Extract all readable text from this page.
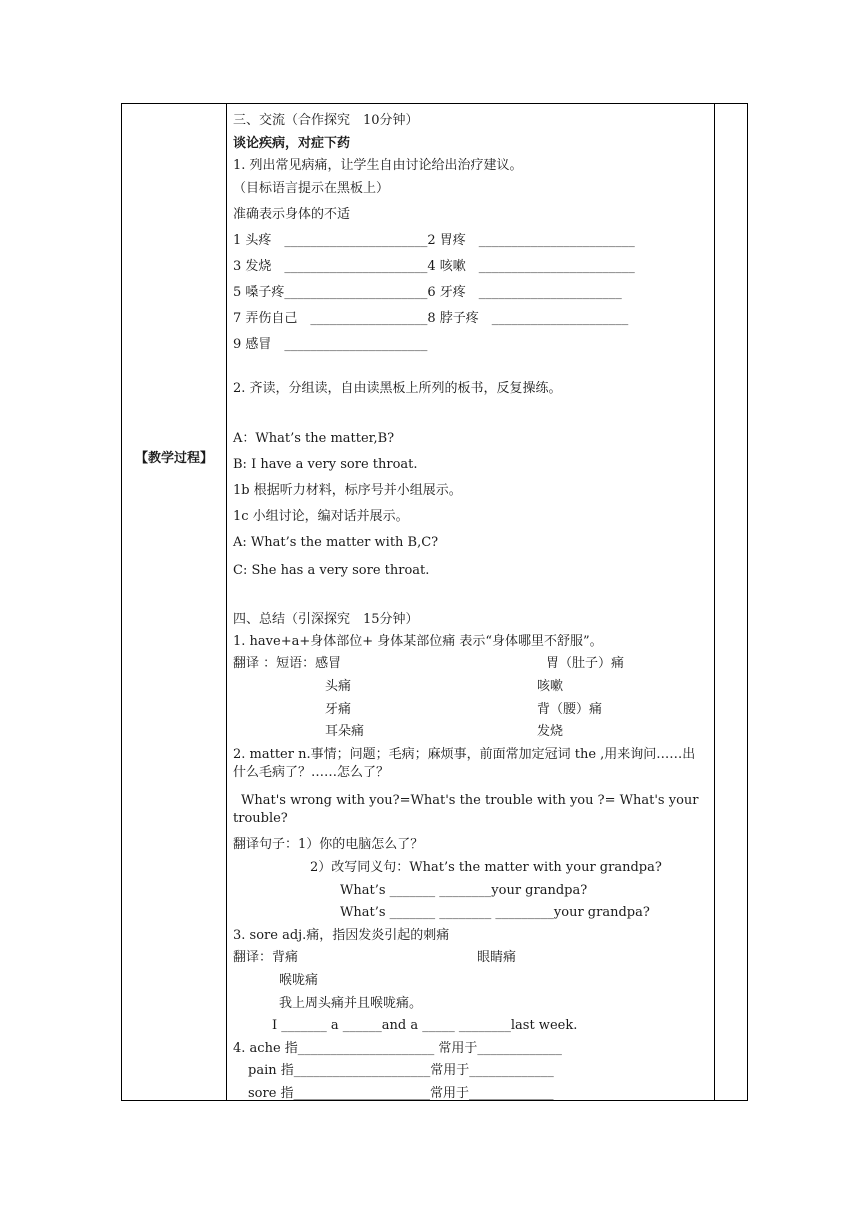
【教学过程】
三、交流（合作探究　10分钟）
谈论疾病，对症下药
1. 列出常见病痛，让学生自由讨论给出治疗建议。
（目标语言提示在黑板上）
准确表示身体的不适
1 头疼　______________________2 胃疼　________________________
3 发烧　______________________4 咳嗽　________________________
5 嗓子疼______________________6 牙疼　______________________
7 弄伤自己　__________________8 脖子疼　_____________________
9 感冒　______________________
2. 齐读，分组读，自由读黑板上所列的板书，反复操练。
A：What’s the matter,B?
B: I have a very sore throat.
1b 根据听力材料，标序号并小组展示。
1c 小组讨论，编对话并展示。
A: What’s the matter with B,C?
C: She has a very sore throat.
四、总结（引深探究　15分钟）
1. have+a+身体部位+ 身体某部位痛 表示“身体哪里不舒服”。
翻译 ：短语：感冒	胃（肚子）痛
头痛	咳嗽
牙痛	背（腰）痛
耳朵痛	发烧
2. matter n.事情；问题；毛病；麻烦事，前面常加定冠词 the ,用来询问……出什么毛病了？……怎么了？
What's wrong with you?=What's the trouble with you ?= What's your trouble?
翻译句子：1）你的电脑怎么了？
2）改写同义句：What’s the matter with your grandpa?
What’s _______ ________your grandpa?
What’s _______ ________ _________your grandpa?
3. sore adj.痛，指因发炎引起的刺痛
翻译：背痛	眼睛痛
喉咙痛
我上周头痛并且喉咙痛。
I _______ a ______and a _____ ________last week.
4. ache 指_____________________ 常用于_____________
pain 指_____________________常用于_____________
sore 指_____________________常用于_____________
